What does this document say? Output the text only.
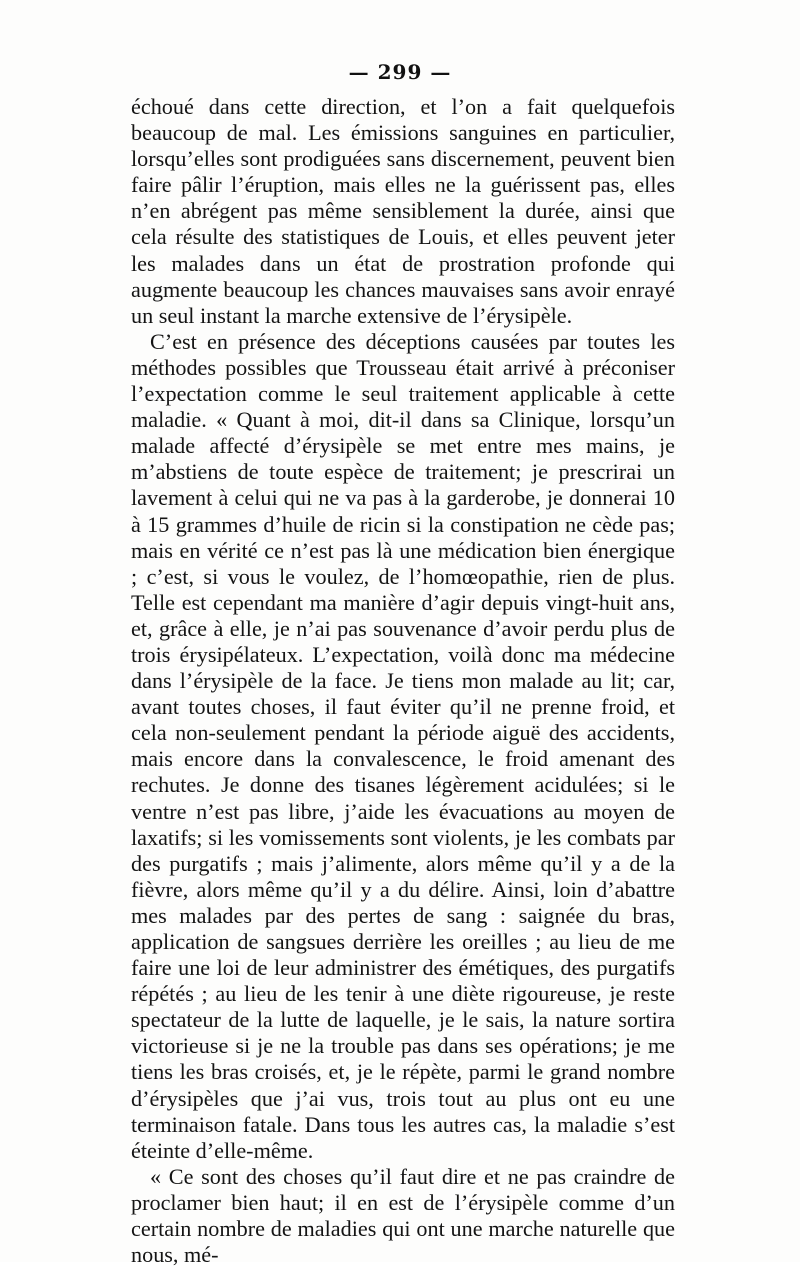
— 299 —

échoué dans cette direction, et l’on a fait quelquefois beaucoup de mal. Les émissions sanguines en particulier, lorsqu’elles sont prodiguées sans discernement, peuvent bien faire pâlir l’éruption, mais elles ne la guérissent pas, elles n’en abrégent pas même sensiblement la durée, ainsi que cela résulte des statistiques de Louis, et elles peuvent jeter les malades dans un état de prostration profonde qui augmente beaucoup les chances mauvaises sans avoir enrayé un seul instant la marche extensive de l’érysipèle.

C’est en présence des déceptions causées par toutes les méthodes possibles que Trousseau était arrivé à préconiser l’expectation comme le seul traitement applicable à cette maladie. « Quant à moi, dit-il dans sa Clinique, lorsqu’un malade affecté d’érysipèle se met entre mes mains, je m’abstiens de toute espèce de traitement; je prescrirai un lavement à celui qui ne va pas à la garderobe, je donnerai 10 à 15 grammes d’huile de ricin si la constipation ne cède pas; mais en vérité ce n’est pas là une médication bien énergique ; c’est, si vous le voulez, de l’homœopathie, rien de plus. Telle est cependant ma manière d’agir depuis vingt-huit ans, et, grâce à elle, je n’ai pas souvenance d’avoir perdu plus de trois érysipélateux. L’expectation, voilà donc ma médecine dans l’érysipèle de la face. Je tiens mon malade au lit; car, avant toutes choses, il faut éviter qu’il ne prenne froid, et cela non-seulement pendant la période aiguë des accidents, mais encore dans la convalescence, le froid amenant des rechutes. Je donne des tisanes légèrement acidulées; si le ventre n’est pas libre, j’aide les évacuations au moyen de laxatifs; si les vomissements sont violents, je les combats par des purgatifs ; mais j’alimente, alors même qu’il y a de la fièvre, alors même qu’il y a du délire. Ainsi, loin d’abattre mes malades par des pertes de sang : saignée du bras, application de sangsues derrière les oreilles ; au lieu de me faire une loi de leur administrer des émétiques, des purgatifs répétés ; au lieu de les tenir à une diète rigoureuse, je reste spectateur de la lutte de laquelle, je le sais, la nature sortira victorieuse si je ne la trouble pas dans ses opérations; je me tiens les bras croisés, et, je le répète, parmi le grand nombre d’érysipèles que j’ai vus, trois tout au plus ont eu une terminaison fatale. Dans tous les autres cas, la maladie s’est éteinte d’elle-même.

« Ce sont des choses qu’il faut dire et ne pas craindre de proclamer bien haut; il en est de l’érysipèle comme d’un certain nombre de maladies qui ont une marche naturelle que nous, mé-
